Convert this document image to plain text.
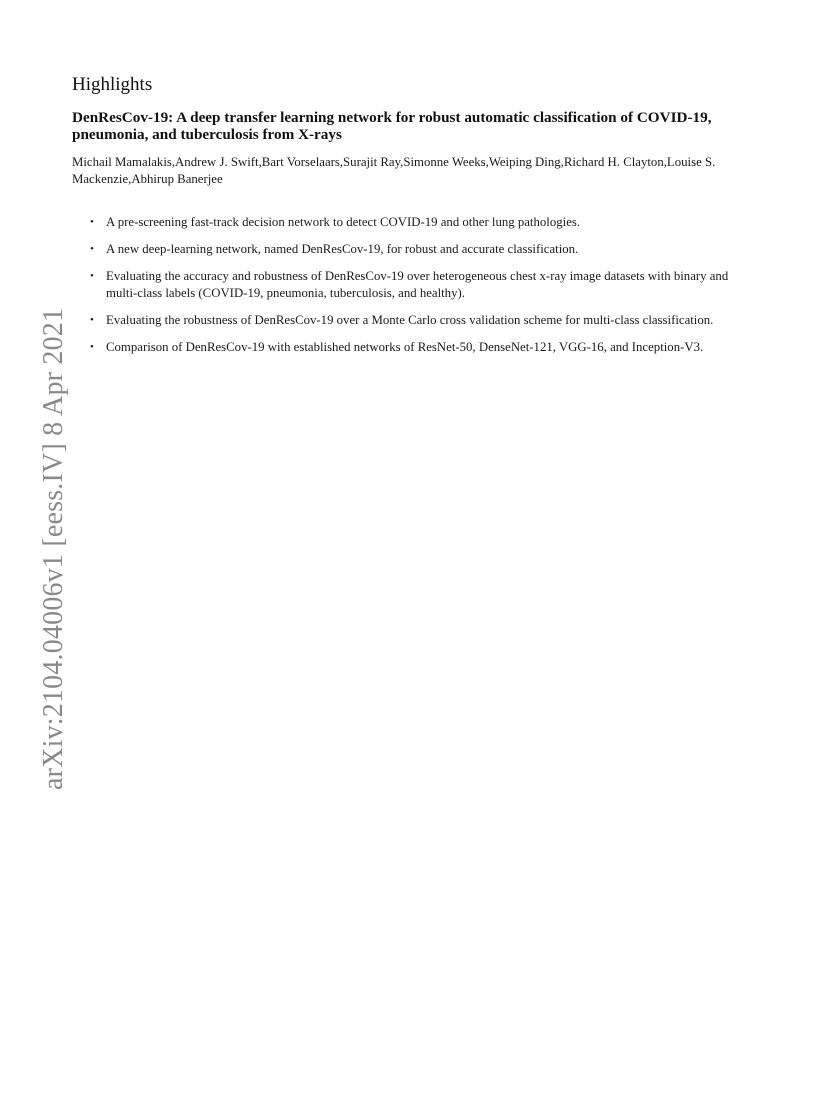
arXiv:2104.04006v1 [eess.IV] 8 Apr 2021
Highlights
DenResCov-19: A deep transfer learning network for robust automatic classification of COVID-19, pneumonia, and tuberculosis from X-rays

Michail Mamalakis,Andrew J. Swift,Bart Vorselaars,Surajit Ray,Simonne Weeks,Weiping Ding,Richard H. Clayton,Louise S. Mackenzie,Abhirup Banerjee

• A pre-screening fast-track decision network to detect COVID-19 and other lung pathologies.
• A new deep-learning network, named DenResCov-19, for robust and accurate classification.
• Evaluating the accuracy and robustness of DenResCov-19 over heterogeneous chest x-ray image datasets with binary and multi-class labels (COVID-19, pneumonia, tuberculosis, and healthy).
• Evaluating the robustness of DenResCov-19 over a Monte Carlo cross validation scheme for multi-class classification.
• Comparison of DenResCov-19 with established networks of ResNet-50, DenseNet-121, VGG-16, and Inception-V3.
